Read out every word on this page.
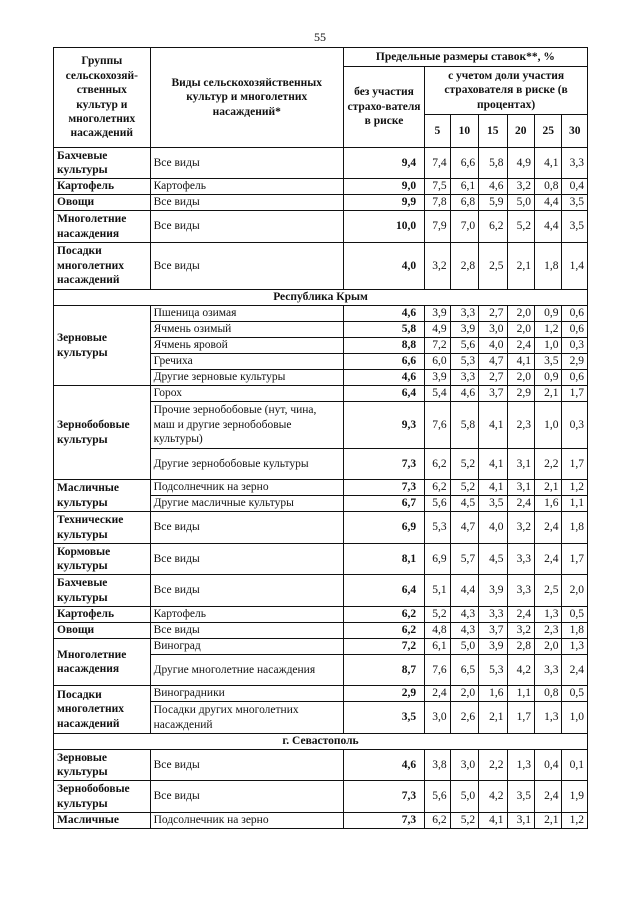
55
Группы сельскохозяй-ственных культур и многолетних насаждений	Виды сельскохозяйственных культур и многолетних насаждений*	Предельные размеры ставок**, %						
		без участия страхо-вателя в риске	с учетом доли участия страхователя в риске (в процентах)					
			5	10	15	20	25	30
Бахчевые культуры	Все виды	9,4	7,4	6,6	5,8	4,9	4,1	3,3
Картофель	Картофель	9,0	7,5	6,1	4,6	3,2	0,8	0,4
Овощи	Все виды	9,9	7,8	6,8	5,9	5,0	4,4	3,5
Многолетние насаждения	Все виды	10,0	7,9	7,0	6,2	5,2	4,4	3,5
Посадки многолетних насаждений	Все виды	4,0	3,2	2,8	2,5	2,1	1,8	1,4
Республика Крым								
Зерновые культуры	Пшеница озимая	4,6	3,9	3,3	2,7	2,0	0,9	0,6
	Ячмень озимый	5,8	4,9	3,9	3,0	2,0	1,2	0,6
	Ячмень яровой	8,8	7,2	5,6	4,0	2,4	1,0	0,3
	Гречиха	6,6	6,0	5,3	4,7	4,1	3,5	2,9
	Другие зерновые культуры	4,6	3,9	3,3	2,7	2,0	0,9	0,6
Зернобобовые культуры	Горох	6,4	5,4	4,6	3,7	2,9	2,1	1,7
	Прочие зернобобовые (нут, чина, маш и другие зернобобовые культуры)	9,3	7,6	5,8	4,1	2,3	1,0	0,3
	Другие зернобобовые культуры	7,3	6,2	5,2	4,1	3,1	2,2	1,7
Масличные культуры	Подсолнечник на зерно	7,3	6,2	5,2	4,1	3,1	2,1	1,2
	Другие масличные культуры	6,7	5,6	4,5	3,5	2,4	1,6	1,1
Технические культуры	Все виды	6,9	5,3	4,7	4,0	3,2	2,4	1,8
Кормовые культуры	Все виды	8,1	6,9	5,7	4,5	3,3	2,4	1,7
Бахчевые культуры	Все виды	6,4	5,1	4,4	3,9	3,3	2,5	2,0
Картофель	Картофель	6,2	5,2	4,3	3,3	2,4	1,3	0,5
Овощи	Все виды	6,2	4,8	4,3	3,7	3,2	2,3	1,8
Многолетние насаждения	Виноград	7,2	6,1	5,0	3,9	2,8	2,0	1,3
	Другие многолетние насаждения	8,7	7,6	6,5	5,3	4,2	3,3	2,4
Посадки многолетних насаждений	Виноградники	2,9	2,4	2,0	1,6	1,1	0,8	0,5
	Посадки других многолетних насаждений	3,5	3,0	2,6	2,1	1,7	1,3	1,0
г. Севастополь								
Зерновые культуры	Все виды	4,6	3,8	3,0	2,2	1,3	0,4	0,1
Зернобобовые культуры	Все виды	7,3	5,6	5,0	4,2	3,5	2,4	1,9
Масличные	Подсолнечник на зерно	7,3	6,2	5,2	4,1	3,1	2,1	1,2
